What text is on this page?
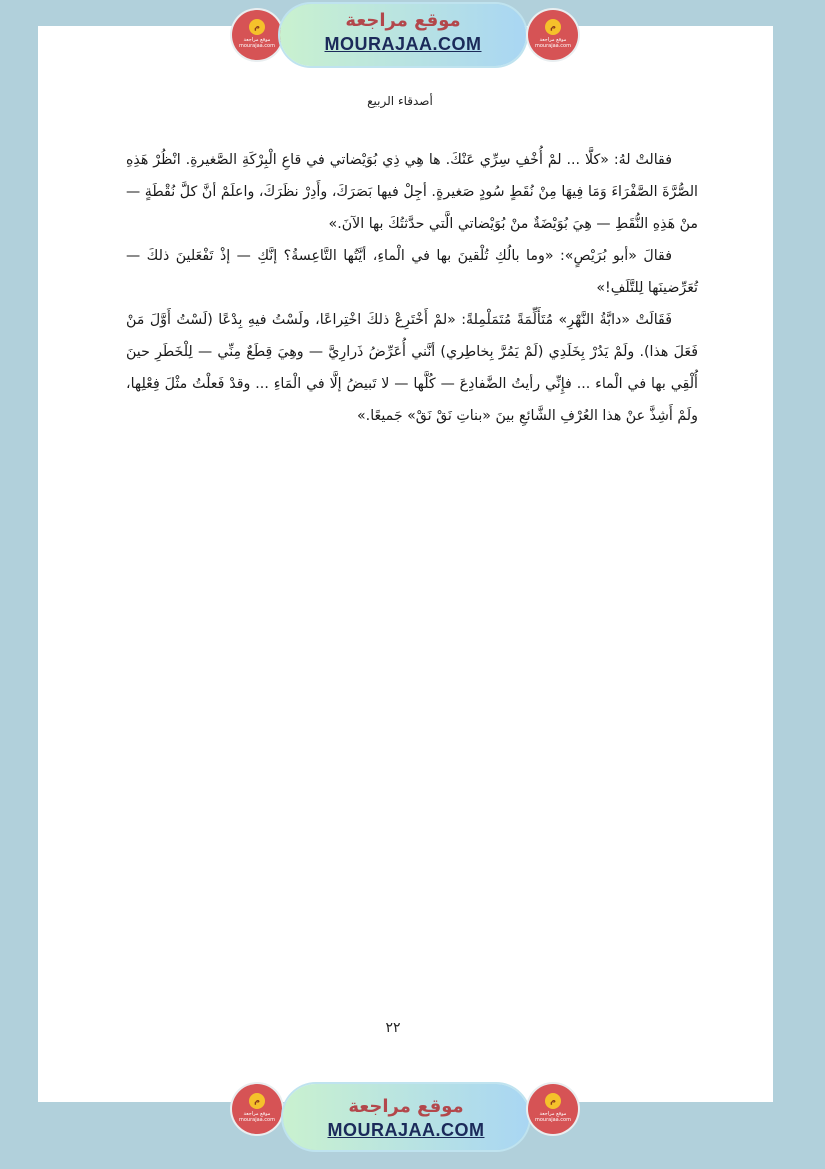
م
موقع مراجعة mourajaa.com
موقع مراجعة
MOURAJAA.COM
م
موقع مراجعة mourajaa.com
أصدقاء الربيع

فقالتْ لهُ: «كلَّا ... لمْ أُخْفِ سِرِّي عَنْكَ. ها هِي ذِي بُوَيْضاتي في قاعِ الْبِرْكَةِ الصَّغيرةِ. انْظُرْ هَذِهِ الصُّرَّةَ الصَّفْرَاءَ وَمَا فِيهَا مِنْ نُقَطٍ سُودٍ صَغيرةٍ. أجِلْ فيها بَصَرَكَ، وأَدِرْ نظَرَكَ، واعلَمْ أنَّ كلَّ نُقْطَةٍ — منْ هَذِهِ النُّقَطِ — هِيَ بُوَيْضَةٌ منْ بُوَيْضاتي الَّتي حدَّثتُكَ بها الآنَ.»

فقالَ «أبو بُرَيْصٍ»: «وما بالُكِ تُلْقينَ بها في الْماءِ، أيَّتُها التَّاعِسةُ؟ إنَّكِ — إذْ تَفْعَلينَ ذلكَ — تُعَرِّضينَها لِلتَّلَفِ!»

فَقَالَتْ «دابَّةُ النَّهْرِ» مُتَأَلِّمَةً مُتَمَلْمِلةً: «لمْ أَخْتَرِعْ ذلكَ اخْتِراعًا، ولَسْتُ فيهِ بِدْعًا (لَسْتُ أَوَّلَ مَنْ فَعَلَ هذا). ولَمْ يَدُرْ بِخَلَدِي (لَمْ يَمُرَّ بِخاطِري) أنَّني أُعَرِّضُ ذَرارِيَّ — وهِيَ قِطَعٌ مِنِّي — لِلْخَطَرِ حينَ أُلْقِي بها في الْماء ... فإِنِّي رأيتُ الضَّفادِعَ — كُلَّها — لا تَبيضُ إلَّا في الْمَاءِ ... وقدْ فَعلْتُ مثْلَ فِعْلِها، ولَمْ أَشِذَّ عنْ هذا العُرْفِ الشَّائعِ بينَ «بناتِ نَقْ نَقْ» جَميعًا.»

٢٢
م
موقع مراجعة mourajaa.com
موقع مراجعة
MOURAJAA.COM
م
موقع مراجعة mourajaa.com
